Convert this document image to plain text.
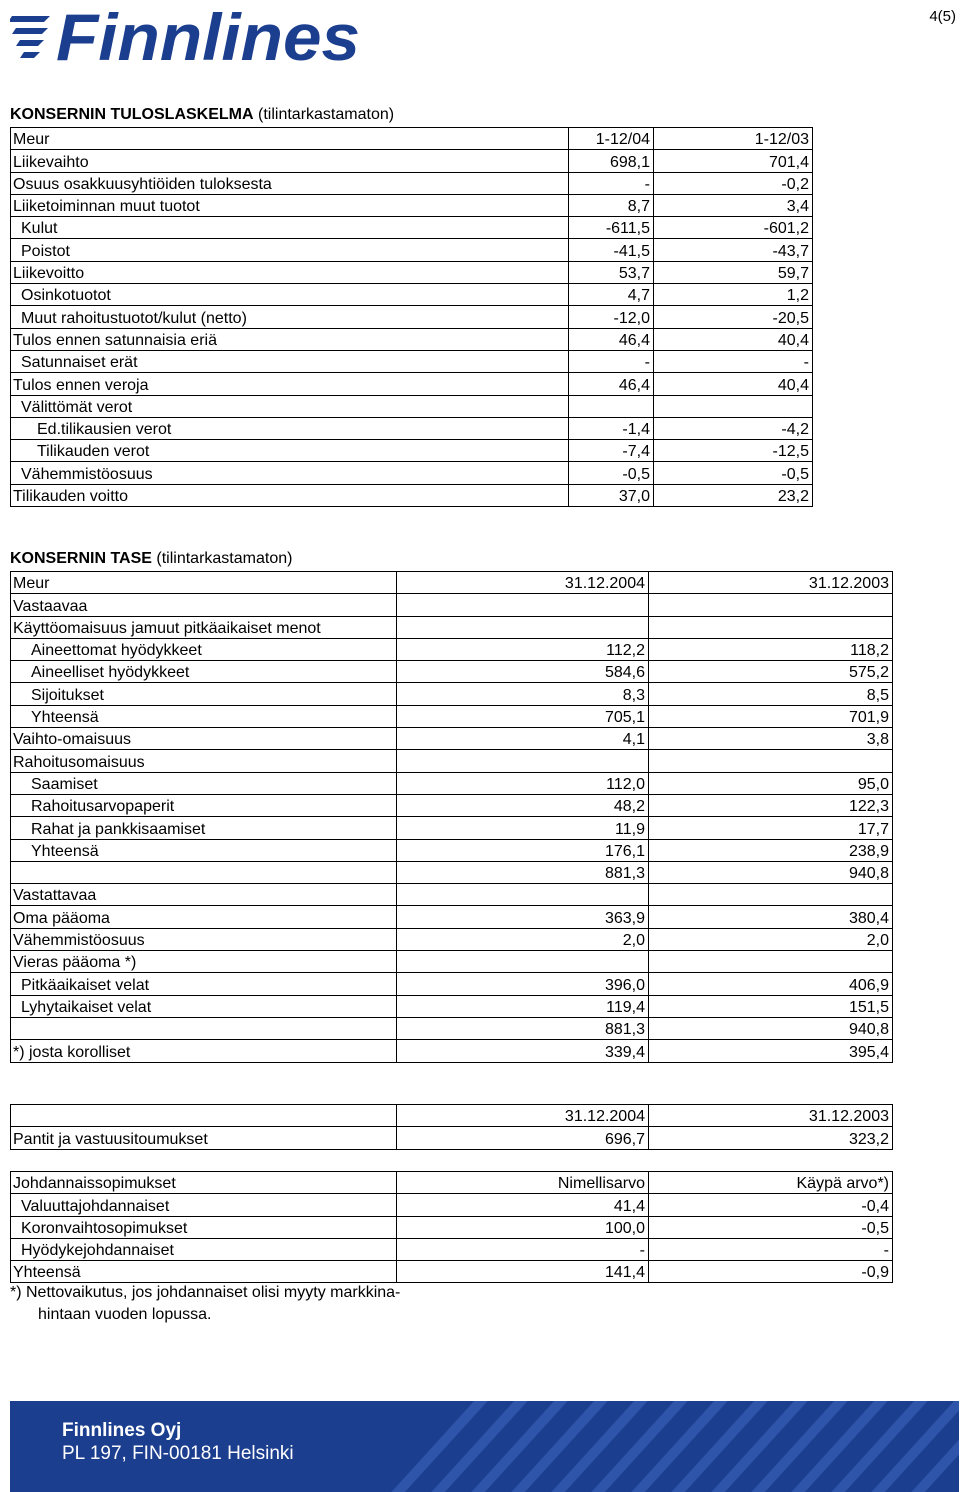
Finnlines	4(5)
KONSERNIN TULOSLASKELMA (tilintarkastamaton)
Meur	1-12/04	1-12/03
Liikevaihto	698,1	701,4
Osuus osakkuusyhtiöiden tuloksesta	-	-0,2
Liiketoiminnan muut tuotot	8,7	3,4
Kulut	-611,5	-601,2
Poistot	-41,5	-43,7
Liikevoitto	53,7	59,7
Osinkotuotot	4,7	1,2
Muut rahoitustuotot/kulut (netto)	-12,0	-20,5
Tulos ennen satunnaisia eriä	46,4	40,4
Satunnaiset erät	-	-
Tulos ennen veroja	46,4	40,4
Välittömät verot		
Ed.tilikausien verot	-1,4	-4,2
Tilikauden verot	-7,4	-12,5
Vähemmistöosuus	-0,5	-0,5
Tilikauden voitto	37,0	23,2
KONSERNIN TASE (tilintarkastamaton)
Meur	31.12.2004	31.12.2003
Vastaavaa		
Käyttöomaisuus jamuut pitkäaikaiset menot		
Aineettomat hyödykkeet	112,2	118,2
Aineelliset hyödykkeet	584,6	575,2
Sijoitukset	8,3	8,5
Yhteensä	705,1	701,9
Vaihto-omaisuus	4,1	3,8
Rahoitusomaisuus		
Saamiset	112,0	95,0
Rahoitusarvopaperit	48,2	122,3
Rahat ja pankkisaamiset	11,9	17,7
Yhteensä	176,1	238,9
	881,3	940,8
Vastattavaa		
Oma pääoma	363,9	380,4
Vähemmistöosuus	2,0	2,0
Vieras pääoma *)		
Pitkäaikaiset velat	396,0	406,9
Lyhytaikaiset velat	119,4	151,5
	881,3	940,8
*) josta korolliset	339,4	395,4
	31.12.2004	31.12.2003
Pantit ja vastuusitoumukset	696,7	323,2
Johdannaissopimukset	Nimellisarvo	Käypä arvo*)
Valuuttajohdannaiset	41,4	-0,4
Koronvaihtosopimukset	100,0	-0,5
Hyödykejohdannaiset	-	-
Yhteensä	141,4	-0,9
*) Nettovaikutus, jos johdannaiset olisi myyty markkina-
hintaan vuoden lopussa.
Finnlines Oyj
PL 197, FIN-00181 Helsinki
